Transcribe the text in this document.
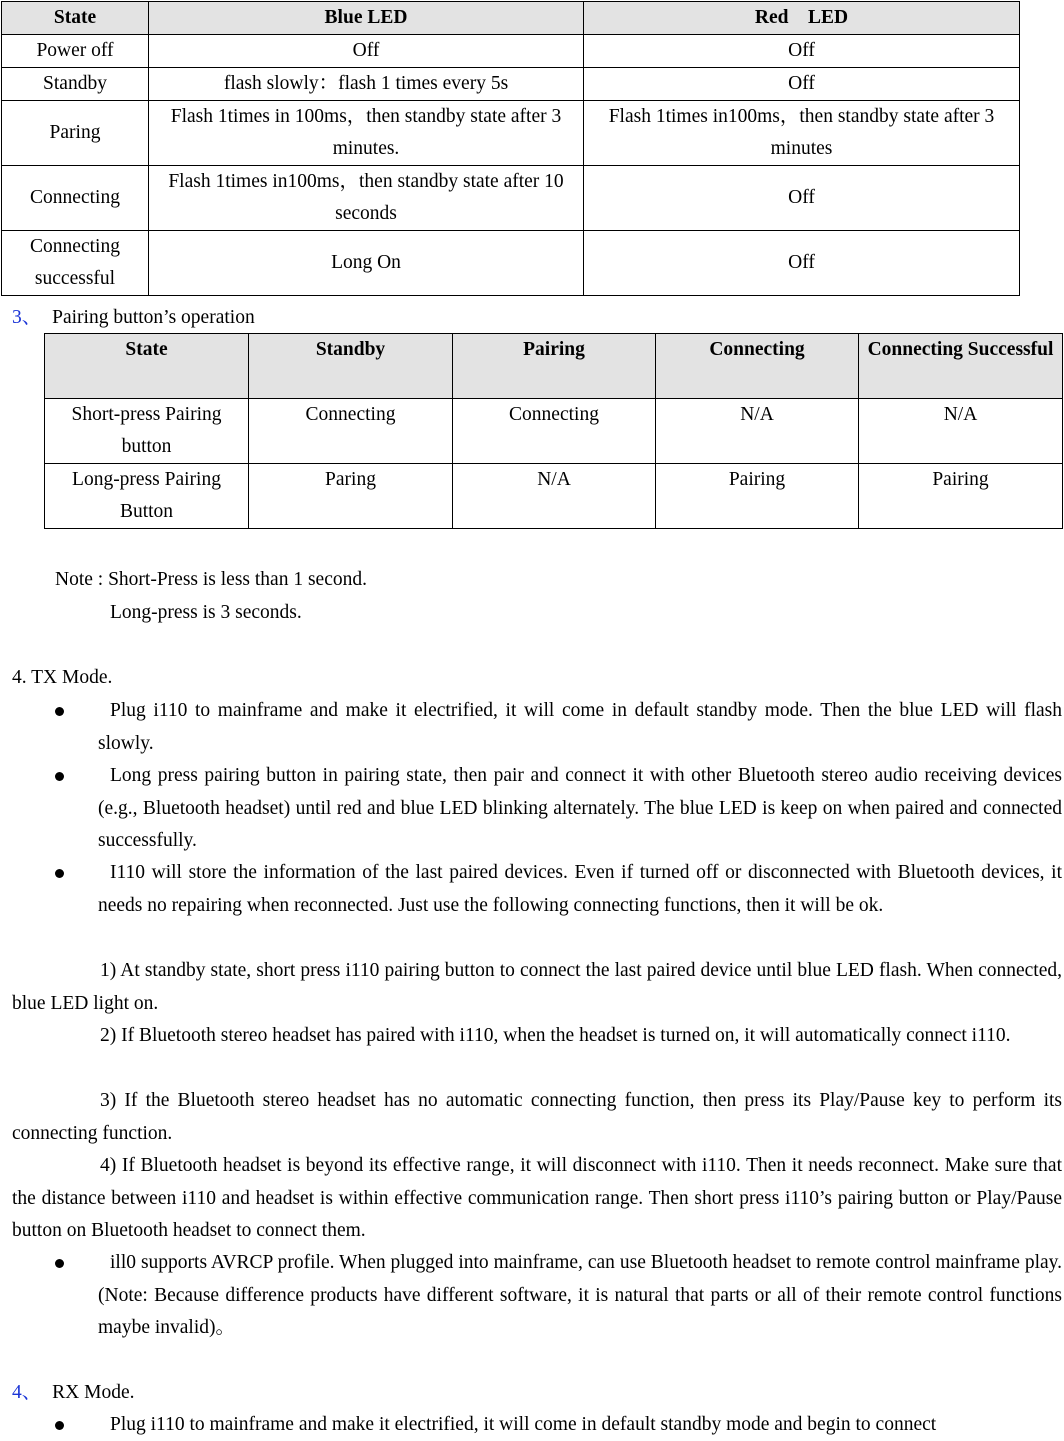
State	Blue LED	Red　LED
Power off	Off	Off
Standby	flash slowly：flash 1 times every 5s	Off
Paring	Flash 1times in 100ms，then standby state after 3 minutes.	Flash 1times in100ms，then standby state after 3 minutes
Connecting	Flash 1times in100ms，then standby state after 10 seconds	Off
Connecting successful	Long On	Off
3、 Pairing button’s operation
State	Standby	Pairing	Connecting	Connecting Successful
Short-press Pairing button	Connecting	Connecting	N/A	N/A
Long-press Pairing Button	Paring	N/A	Pairing	Pairing
Note : Short-Press is less than 1 second.
Long-press is 3 seconds.
4. TX Mode.
Plug i110 to mainframe and make it electrified, it will come in default standby mode. Then the blue LED will flash slowly.
Long press pairing button in pairing state, then pair and connect it with other Bluetooth stereo audio receiving devices (e.g., Bluetooth headset) until red and blue LED blinking alternately. The blue LED is keep on when paired and connected successfully.
I110 will store the information of the last paired devices. Even if turned off or disconnected with Bluetooth devices, it needs no repairing when reconnected. Just use the following connecting functions, then it will be ok.
1) At standby state, short press i110 pairing button to connect the last paired device until blue LED flash. When connected, blue LED light on.
2) If Bluetooth stereo headset has paired with i110, when the headset is turned on, it will automatically connect i110.
3) If the Bluetooth stereo headset has no automatic connecting function, then press its Play/Pause key to perform its connecting function.
4) If Bluetooth headset is beyond its effective range, it will disconnect with i110. Then it needs reconnect. Make sure that the distance between i110 and headset is within effective communication range. Then short press i110’s pairing button or Play/Pause button on Bluetooth headset to connect them.
ill0 supports AVRCP profile. When plugged into mainframe, can use Bluetooth headset to remote control mainframe play. (Note: Because difference products have different software, it is natural that parts or all of their remote control functions maybe invalid)。
4、 RX Mode.
Plug i110 to mainframe and make it electrified, it will come in default standby mode and begin to connect
